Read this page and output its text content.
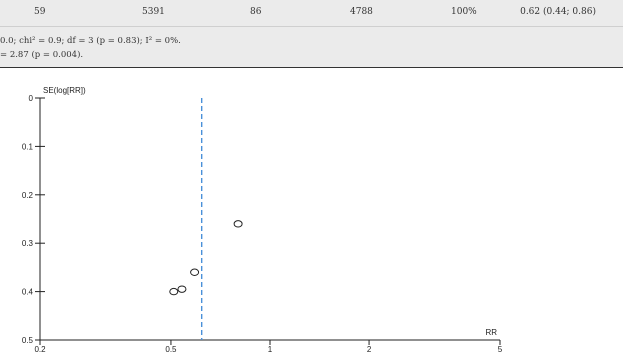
59	5391	86	4788	100%	0.62 (0.44; 0.86)
0.0; chi² = 0.9; df = 3 (p = 0.83); I² = 0%.
= 2.87 (p = 0.004).
0
0.1
0.2
0.3
0.4
0.5
0.2	0.5	1	2	5
SE(log[RR])
RR
